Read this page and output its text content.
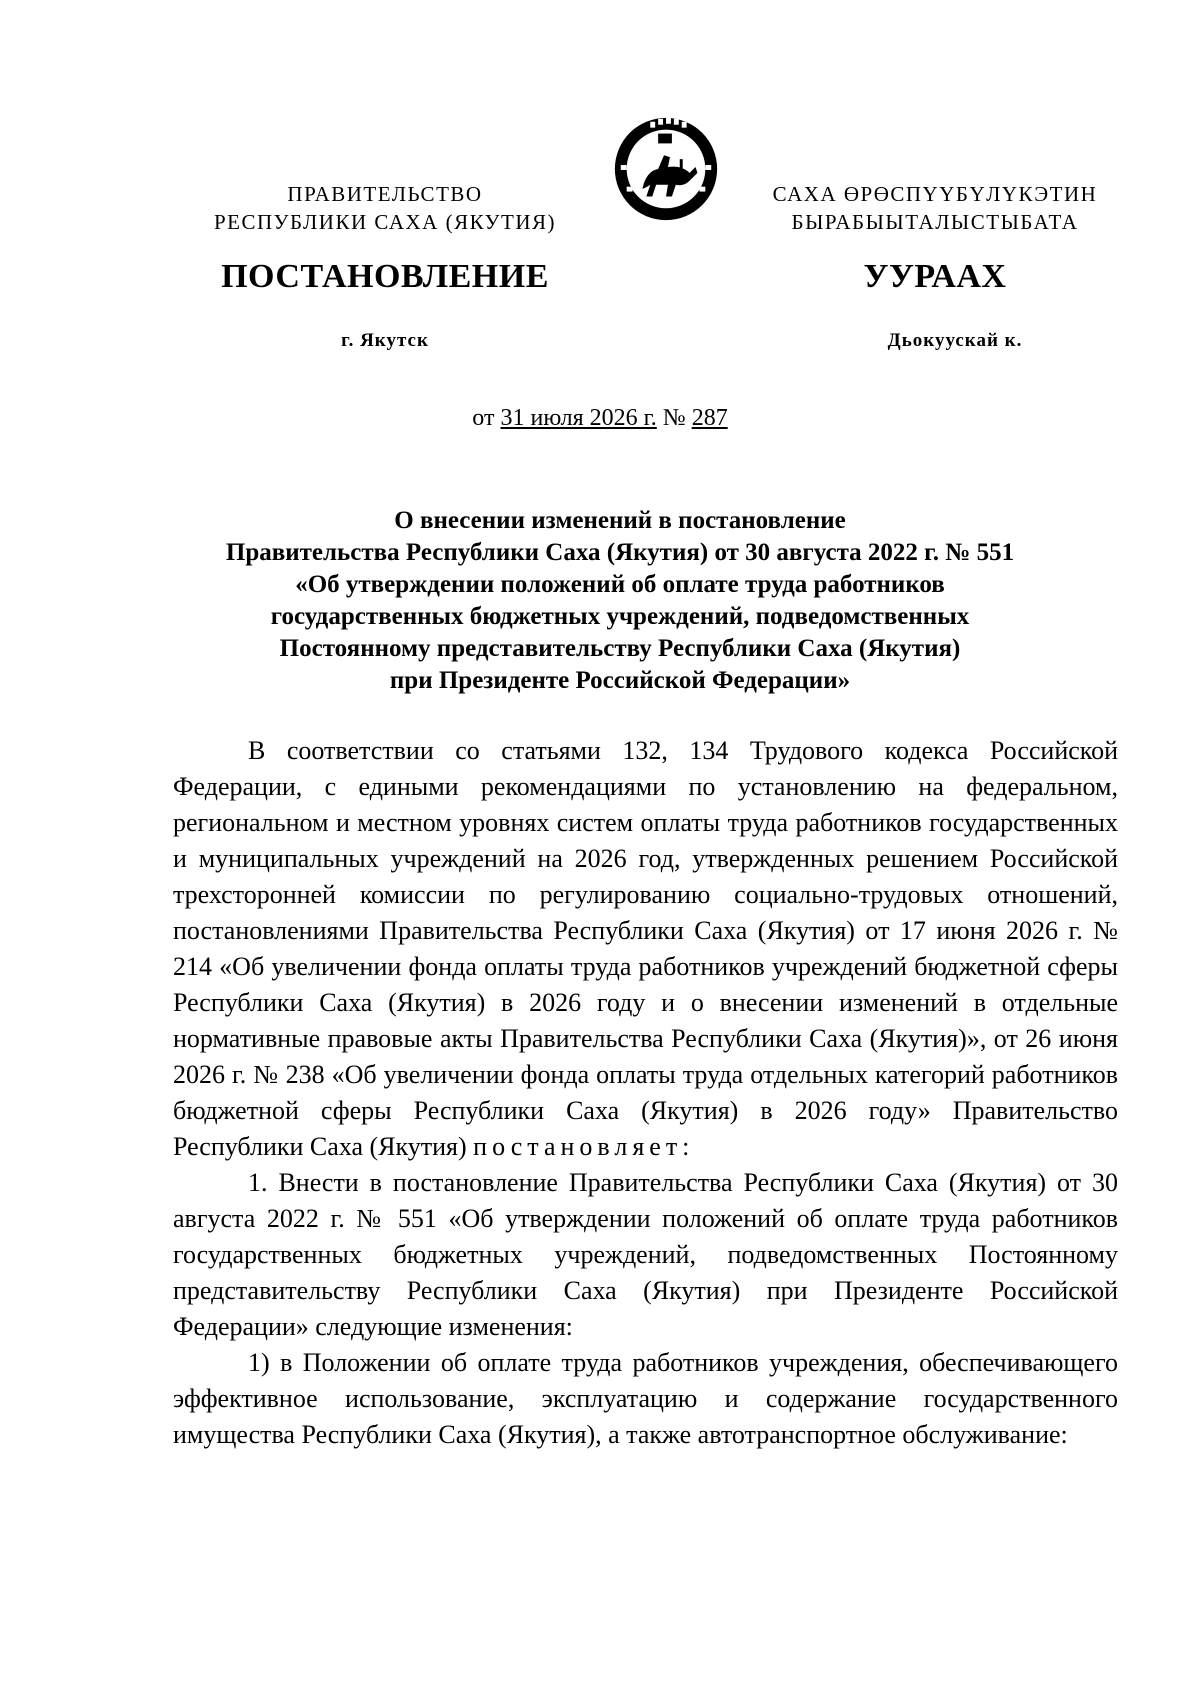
ПРАВИТЕЛЬСТВО
РЕСПУБЛИКИ САХА (ЯКУТИЯ)
САХА ӨРӨСПҮҮБҮЛҮКЭТИН
БЫРАБЫЫТАЛЫСТЫБАТА
ПОСТАНОВЛЕНИЕ	УУРААХ
г. Якутск	Дьокуускай к.
от 31 июля 2026 г. № 287
О внесении изменений в постановление
Правительства Республики Саха (Якутия) от 30 августа 2022 г. № 551
«Об утверждении положений об оплате труда работников
государственных бюджетных учреждений, подведомственных
Постоянному представительству Республики Саха (Якутия)
при Президенте Российской Федерации»

В соответствии со статьями 132, 134 Трудового кодекса Российской Федерации, с едиными рекомендациями по установлению на федеральном, региональном и местном уровнях систем оплаты труда работников государственных и муниципальных учреждений на 2026 год, утвержденных решением Российской трехсторонней комиссии по регулированию социально-трудовых отношений, постановлениями Правительства Республики Саха (Якутия) от 17 июня 2026 г. № 214 «Об увеличении фонда оплаты труда работников учреждений бюджетной сферы Республики Саха (Якутия) в 2026 году и о внесении изменений в отдельные нормативные правовые акты Правительства Республики Саха (Якутия)», от 26 июня 2026 г. № 238 «Об увеличении фонда оплаты труда отдельных категорий работников бюджетной сферы Республики Саха (Якутия) в 2026 году» Правительство Республики Саха (Якутия) постановляет:

1. Внести в постановление Правительства Республики Саха (Якутия) от 30 августа 2022 г. № 551 «Об утверждении положений об оплате труда работников государственных бюджетных учреждений, подведомственных Постоянному представительству Республики Саха (Якутия) при Президенте Российской Федерации» следующие изменения:

1) в Положении об оплате труда работников учреждения, обеспечивающего эффективное использование, эксплуатацию и содержание государственного имущества Республики Саха (Якутия), а также автотранспортное обслуживание:
